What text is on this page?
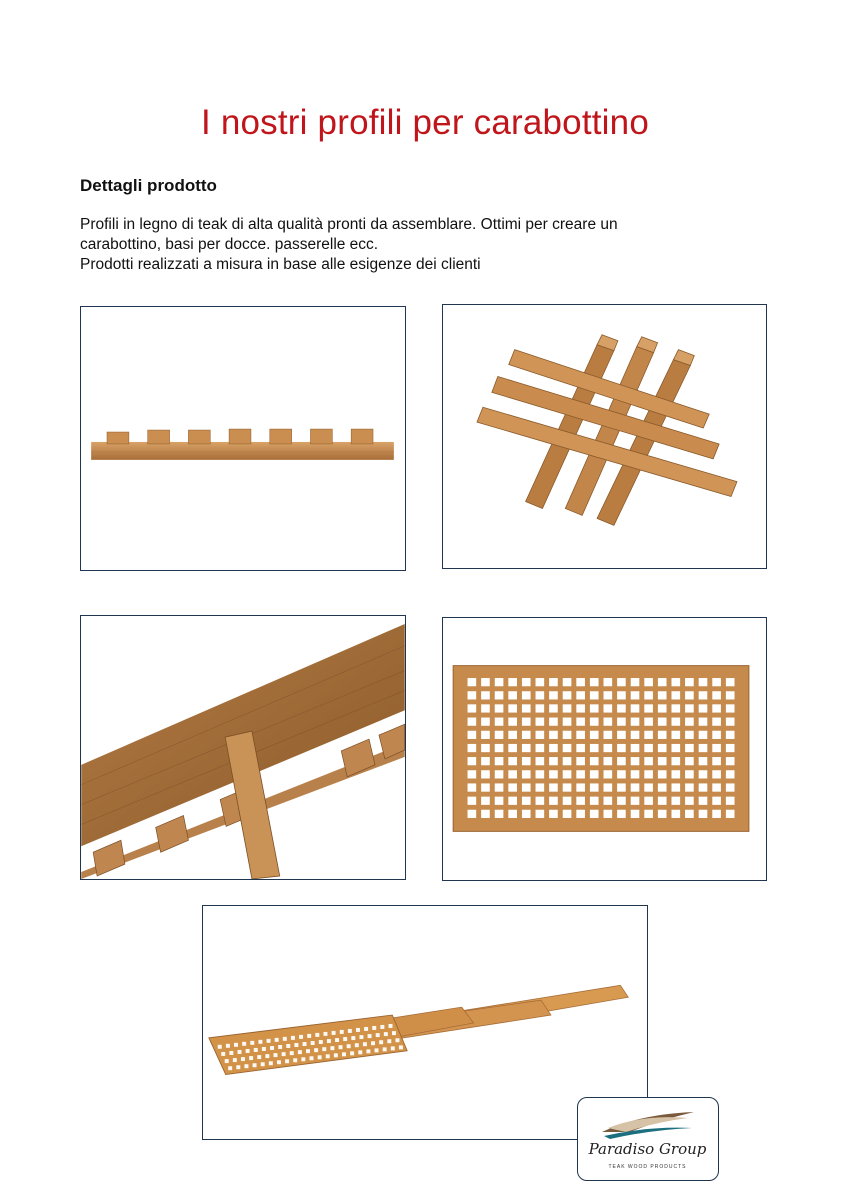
I nostri profili per carabottino
Dettagli prodotto
Profili in legno di teak di alta qualità pronti da assemblare. Ottimi per creare un
carabottino, basi per docce. passerelle ecc.
Prodotti realizzati a misura in base alle esigenze dei clienti
Paradiso Group
TEAK WOOD PRODUCTS
